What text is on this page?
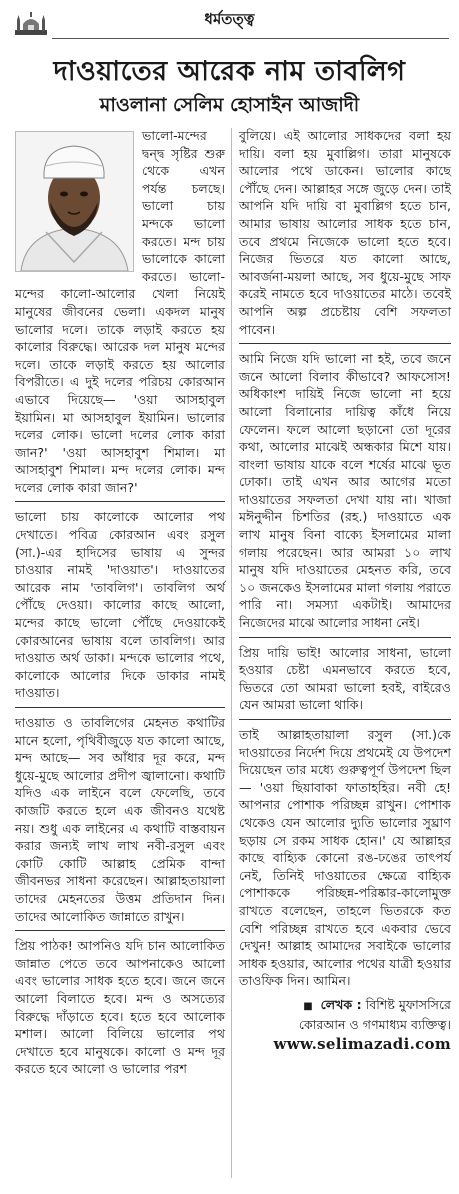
ধর্মতত্ত্ব
দাওয়াতের আরেক নাম তাবলিগ
মাওলানা সেলিম হোসাইন আজাদী

ভালো-মন্দের দ্বন্দ্ব সৃষ্টির শুরু থেকে এখন পর্যন্ত চলছে। ভালো চায় মন্দকে ভালো করতে। মন্দ চায় ভালোকে কালো করতে। ভালো-মন্দের কালো-আলোর খেলা নিয়েই মানুষের জীবনের ভেলা। একদল মানুষ ভালোর দলে। তাকে লড়াই করতে হয় কালোর বিরুদ্ধে। আরেক দল মানুষ মন্দের দলে। তাকে লড়াই করতে হয় আলোর বিপরীতে। এ দুই দলের পরিচয় কোরআন এভাবে দিয়েছে— 'ওয়া আসহাবুল ইয়ামিন। মা আসহাবুল ইয়ামিন। ভালোর দলের লোক। ভালো দলের লোক কারা জান?' 'ওয়া আসহাবুশ শিমাল। মা আসহাবুশ শিমাল। মন্দ দলের লোক। মন্দ দলের লোক কারা জান?'

ভালো চায় কালোকে আলোর পথ দেখাতে। পবিত্র কোরআন এবং রসুল (সা.)-এর হাদিসের ভাষায় এ সুন্দর চাওয়ার নামই 'দাওয়াত'। দাওয়াতের আরেক নাম 'তাবলিগ'। তাবলিগ অর্থ পৌঁছে দেওয়া। কালোর কাছে আলো, মন্দের কাছে ভালো পৌঁছে দেওয়াকেই কোরআনের ভাষায় বলে তাবলিগ। আর দাওয়াত অর্থ ডাকা। মন্দকে ভালোর পথে, কালোকে আলোর দিকে ডাকার নামই দাওয়াত।

দাওয়াত ও তাবলিগের মেহনত কথাটির মানে হলো, পৃথিবীজুড়ে যত কালো আছে, মন্দ আছে— সব আঁধার দূর করে, মন্দ ধুয়ে-মুছে আলোর প্রদীপ জ্বালানো। কথাটি যদিও এক লাইনে বলে ফেলেছি, তবে কাজটি করতে হলে এক জীবনও যথেষ্ট নয়। শুধু এক লাইনের এ কথাটি বাস্তবায়ন করার জন্যই লাখ লাখ নবী-রসুল এবং কোটি কোটি আল্লাহ প্রেমিক বান্দা জীবনভর সাধনা করেছেন। আল্লাহতায়ালা তাদের মেহনতের উত্তম প্রতিদান দিন। তাদের আলোকিত জান্নাতে রাখুন।

প্রিয় পাঠক! আপনিও যদি চান আলোকিত জান্নাত পেতে তবে আপনাকেও আলো এবং ভালোর সাধক হতে হবে। জনে জনে আলো বিলাতে হবে। মন্দ ও অসত্যের বিরুদ্ধে দাঁড়াতে হবে। হতে হবে আলোক মশাল। আলো বিলিয়ে ভালোর পথ দেখাতে হবে মানুষকে। কালো ও মন্দ দূর করতে হবে আলো ও ভালোর পরশ

বুলিয়ে। এই আলোর সাধকদের বলা হয় দায়ি। বলা হয় মুবাল্লিগ। তারা মানুষকে আলোর পথে ডাকেন। ভালোর কাছে পৌঁছে দেন। আল্লাহর সঙ্গে জুড়ে দেন। তাই আপনি যদি দায়ি বা মুবাল্লিগ হতে চান, আমার ভাষায় আলোর সাধক হতে চান, তবে প্রথমে নিজেকে ভালো হতে হবে। নিজের ভিতরে যত কালো আছে, আবর্জনা-ময়লা আছে, সব ধুয়ে-মুছে সাফ করেই নামতে হবে দাওয়াতের মাঠে। তবেই আপনি অল্প প্রচেষ্টায় বেশি সফলতা পাবেন।

আমি নিজে যদি ভালো না হই, তবে জনে জনে আলো বিলাব কীভাবে? আফসোস! অধিকাংশ দায়িই নিজে ভালো না হয়ে আলো বিলানোর দায়িত্ব কাঁধে নিয়ে ফেলেন। ফলে আলো ছড়ানো তো দূরের কথা, আলোর মাঝেই অন্ধকার মিশে যায়। বাংলা ভাষায় যাকে বলে শর্ষের মাঝে ভূত ঢোকা। তাই এখন আর আগের মতো দাওয়াতের সফলতা দেখা যায় না। খাজা মঈনুদ্দীন চিশতির (রহ.) দাওয়াতে এক লাখ মানুষ বিনা বাক্যে ইসলামের মালা গলায় পরেছেন। আর আমরা ১০ লাখ মানুষ যদি দাওয়াতের মেহনত করি, তবে ১০ জনকেও ইসলামের মালা গলায় পরাতে পারি না। সমস্যা একটাই। আমাদের নিজেদের মাঝে আলোর সাধনা নেই।

প্রিয় দায়ি ভাই! আলোর সাধনা, ভালো হওয়ার চেষ্টা এমনভাবে করতে হবে, ভিতরে তো আমরা ভালো হবই, বাইরেও যেন আমরা ভালো থাকি।

তাই আল্লাহতায়ালা রসুল (সা.)কে দাওয়াতের নির্দেশ দিয়ে প্রথমেই যে উপদেশ দিয়েছেন তার মধ্যে গুরুত্বপূর্ণ উপদেশ ছিল— 'ওয়া ছিয়াবাকা ফাতাহহির। নবী হে! আপনার পোশাক পরিচ্ছন্ন রাখুন। পোশাক থেকেও যেন আলোর দ্যুতি ভালোর সুঘ্রাণ ছড়ায় সে রকম সাধক হোন।' যে আল্লাহর কাছে বাহ্যিক কোনো রঙ-ঢঙের তাৎপর্য নেই, তিনিই দাওয়াতের ক্ষেত্রে বাহ্যিক পোশাককে পরিচ্ছন্ন-পরিষ্কার-কালোমুক্ত রাখতে বলেছেন, তাহলে ভিতরকে কত বেশি পরিচ্ছন্ন রাখতে হবে একবার ভেবে দেখুন! আল্লাহ আমাদের সবাইকে ভালোর সাধক হওয়ার, আলোর পথের যাত্রী হওয়ার তাওফিক দিন। আমিন।

■ লেখক : বিশিষ্ট মুফাসসিরে
কোরআন ও গণমাধ্যম ব্যক্তিত্ব।
www.selimazadi.com
